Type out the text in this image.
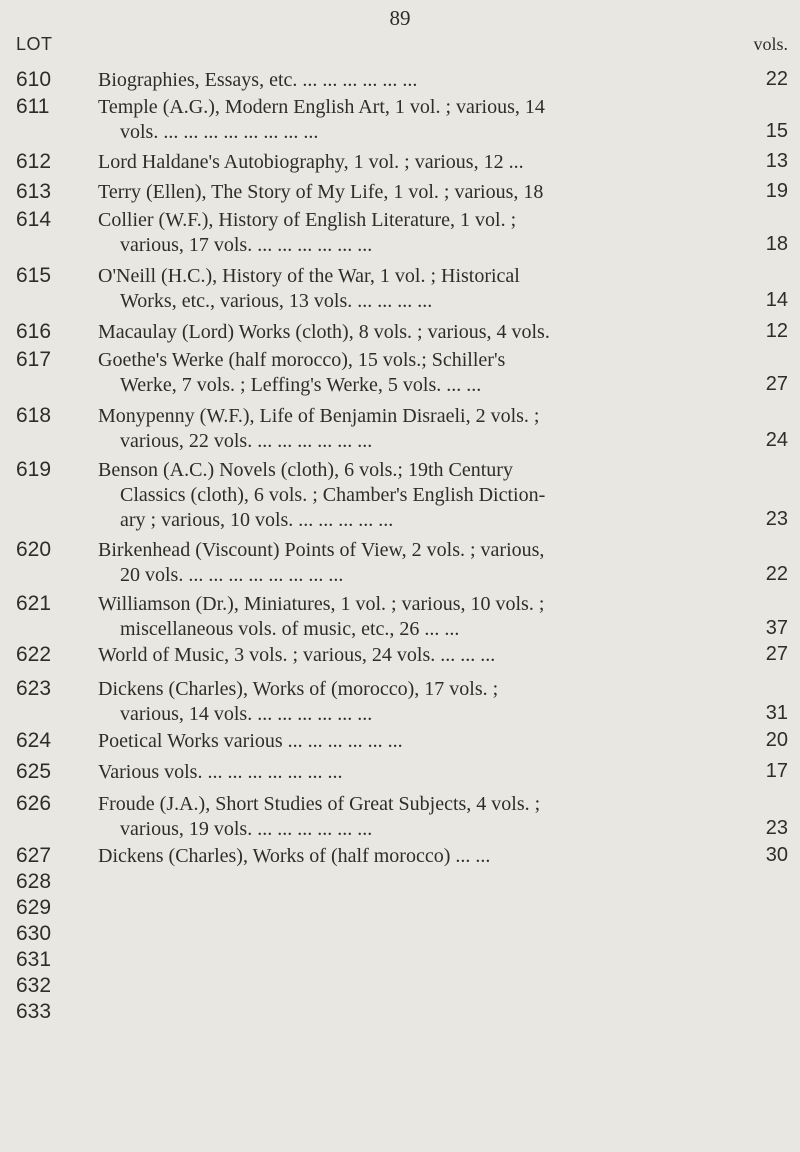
89
LOT	vols.
610 Biographies, Essays, etc. ... ... ... ... ... ...	22
611 Temple (A.G.), Modern English Art, 1 vol. ; various, 14
vols. ... ... ... ... ... ... ... ...	15
612 Lord Haldane's Autobiography, 1 vol. ; various, 12 ...	13
613 Terry (Ellen), The Story of My Life, 1 vol. ; various, 18	19
614 Collier (W.F.), History of English Literature, 1 vol. ;
various, 17 vols. ... ... ... ... ... ...	18
615 O'Neill (H.C.), History of the War, 1 vol. ; Historical
Works, etc., various, 13 vols. ... ... ... ...	14
616 Macaulay (Lord) Works (cloth), 8 vols. ; various, 4 vols.	12
617 Goethe's Werke (half morocco), 15 vols.; Schiller's
Werke, 7 vols. ; Leffing's Werke, 5 vols. ... ...	27
618 Monypenny (W.F.), Life of Benjamin Disraeli, 2 vols. ;
various, 22 vols. ... ... ... ... ... ...	24
619 Benson (A.C.) Novels (cloth), 6 vols.; 19th Century
Classics (cloth), 6 vols. ; Chamber's English Diction-
ary ; various, 10 vols. ... ... ... ... ...	23
620 Birkenhead (Viscount) Points of View, 2 vols. ; various,
20 vols. ... ... ... ... ... ... ... ...	22
621 Williamson (Dr.), Miniatures, 1 vol. ; various, 10 vols. ;
miscellaneous vols. of music, etc., 26 ... ...	37
622 World of Music, 3 vols. ; various, 24 vols. ... ... ...	27
623 Dickens (Charles), Works of (morocco), 17 vols. ;
various, 14 vols. ... ... ... ... ... ...	31
624 Poetical Works various ... ... ... ... ... ...	20
625 Various vols. ... ... ... ... ... ... ...	17
626 Froude (J.A.), Short Studies of Great Subjects, 4 vols. ;
various, 19 vols. ... ... ... ... ... ...	23
627 Dickens (Charles), Works of (half morocco) ... ...	30
628
629
630
631
632
633
